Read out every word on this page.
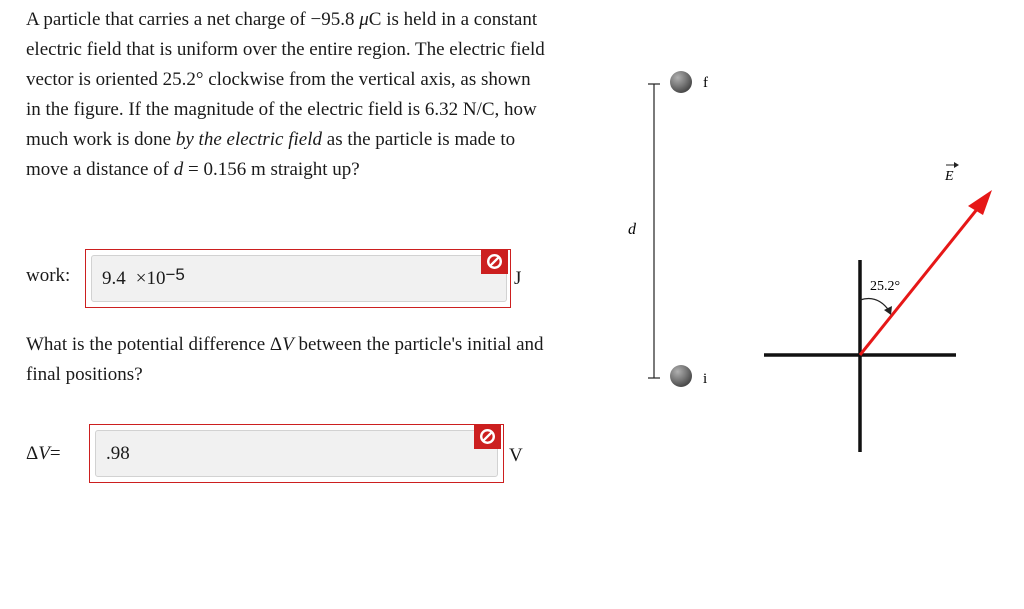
A particle that carries a net charge of −95.8 μC is held in a constant electric field that is uniform over the entire region. The electric field vector is oriented 25.2° clockwise from the vertical axis, as shown in the figure. If the magnitude of the electric field is 6.32 N/C, how much work is done by the electric field as the particle is made to move a distance of d = 0.156 m straight up?

work: $9.4 \times 10^{-5}$	J

What is the potential difference ΔV between the particle's initial and final positions?

Δ V = .98	V
d
f
i
E
25.2°
